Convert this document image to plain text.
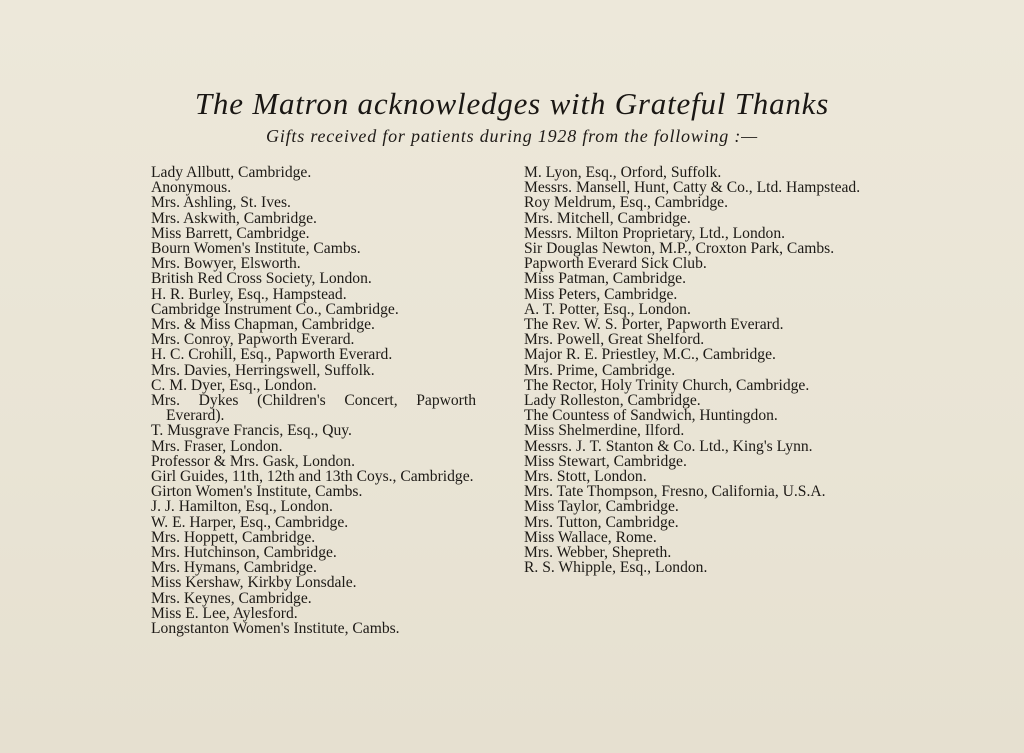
The Matron acknowledges with Grateful Thanks

Gifts received for patients during 1928 from the following :—

Lady Allbutt, Cambridge.
Anonymous.
Mrs. Ashling, St. Ives.
Mrs. Askwith, Cambridge.
Miss Barrett, Cambridge.
Bourn Women's Institute, Cambs.
Mrs. Bowyer, Elsworth.
British Red Cross Society, London.
H. R. Burley, Esq., Hampstead.
Cambridge Instrument Co., Cambridge.
Mrs. & Miss Chapman, Cambridge.
Mrs. Conroy, Papworth Everard.
H. C. Crohill, Esq., Papworth Everard.
Mrs. Davies, Herringswell, Suffolk.
C. M. Dyer, Esq., London.
Mrs. Dykes (Children's Concert, Papworth Everard).
T. Musgrave Francis, Esq., Quy.
Mrs. Fraser, London.
Professor & Mrs. Gask, London.
Girl Guides, 11th, 12th and 13th Coys., Cambridge.
Girton Women's Institute, Cambs.
J. J. Hamilton, Esq., London.
W. E. Harper, Esq., Cambridge.
Mrs. Hoppett, Cambridge.
Mrs. Hutchinson, Cambridge.
Mrs. Hymans, Cambridge.
Miss Kershaw, Kirkby Lonsdale.
Mrs. Keynes, Cambridge.
Miss E. Lee, Aylesford.
Longstanton Women's Institute, Cambs.
M. Lyon, Esq., Orford, Suffolk.
Messrs. Mansell, Hunt, Catty & Co., Ltd. Hampstead.
Roy Meldrum, Esq., Cambridge.
Mrs. Mitchell, Cambridge.
Messrs. Milton Proprietary, Ltd., London.
Sir Douglas Newton, M.P., Croxton Park, Cambs.
Papworth Everard Sick Club.
Miss Patman, Cambridge.
Miss Peters, Cambridge.
A. T. Potter, Esq., London.
The Rev. W. S. Porter, Papworth Everard.
Mrs. Powell, Great Shelford.
Major R. E. Priestley, M.C., Cambridge.
Mrs. Prime, Cambridge.
The Rector, Holy Trinity Church, Cambridge.
Lady Rolleston, Cambridge.
The Countess of Sandwich, Huntingdon.
Miss Shelmerdine, Ilford.
Messrs. J. T. Stanton & Co. Ltd., King's Lynn.
Miss Stewart, Cambridge.
Mrs. Stott, London.
Mrs. Tate Thompson, Fresno, California, U.S.A.
Miss Taylor, Cambridge.
Mrs. Tutton, Cambridge.
Miss Wallace, Rome.
Mrs. Webber, Shepreth.
R. S. Whipple, Esq., London.
